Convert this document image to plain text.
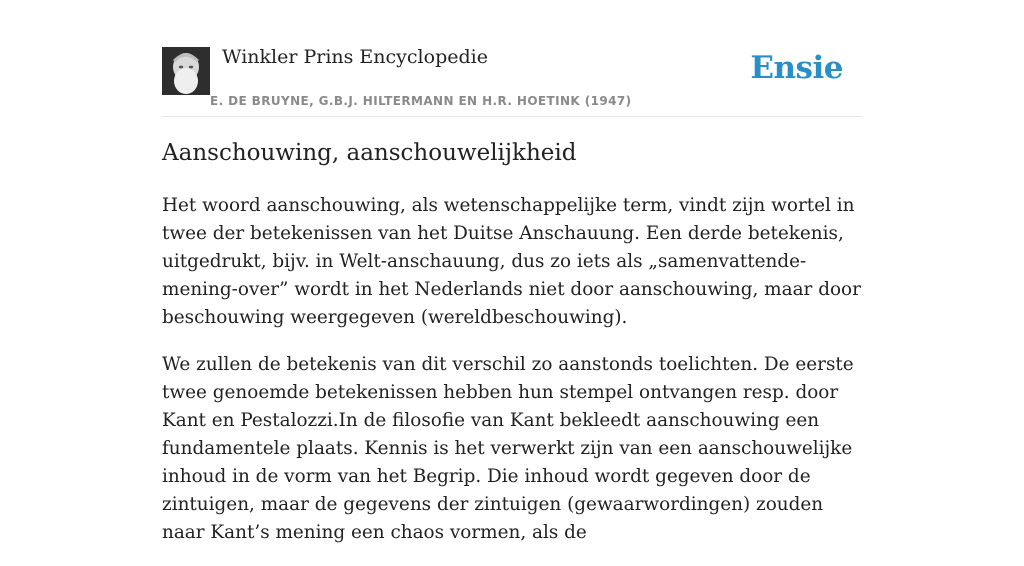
Winkler Prins Encyclopedie
E. DE BRUYNE, G.B.J. HILTERMANN EN H.R. HOETINK (1947)
Ensie
Aanschouwing, aanschouwelijkheid

Het woord aanschouwing, als wetenschappelijke term, vindt zijn wortel in twee der betekenissen van het Duitse Anschauung. Een derde betekenis, uitgedrukt, bijv. in Welt-anschauung, dus zo iets als „samenvattende-mening-over” wordt in het Nederlands niet door aanschouwing, maar door beschouwing weergegeven (wereldbeschouwing).

We zullen de betekenis van dit verschil zo aanstonds toelichten. De eerste twee genoemde betekenissen hebben hun stempel ontvangen resp. door Kant en Pestalozzi.In de filosofie van Kant bekleedt aanschouwing een fundamentele plaats. Kennis is het verwerkt zijn van een aanschouwelijke inhoud in de vorm van het Begrip. Die inhoud wordt gegeven door de zintuigen, maar de gegevens der zintuigen (gewaarwordingen) zouden naar Kant’s mening een chaos vormen, als de
